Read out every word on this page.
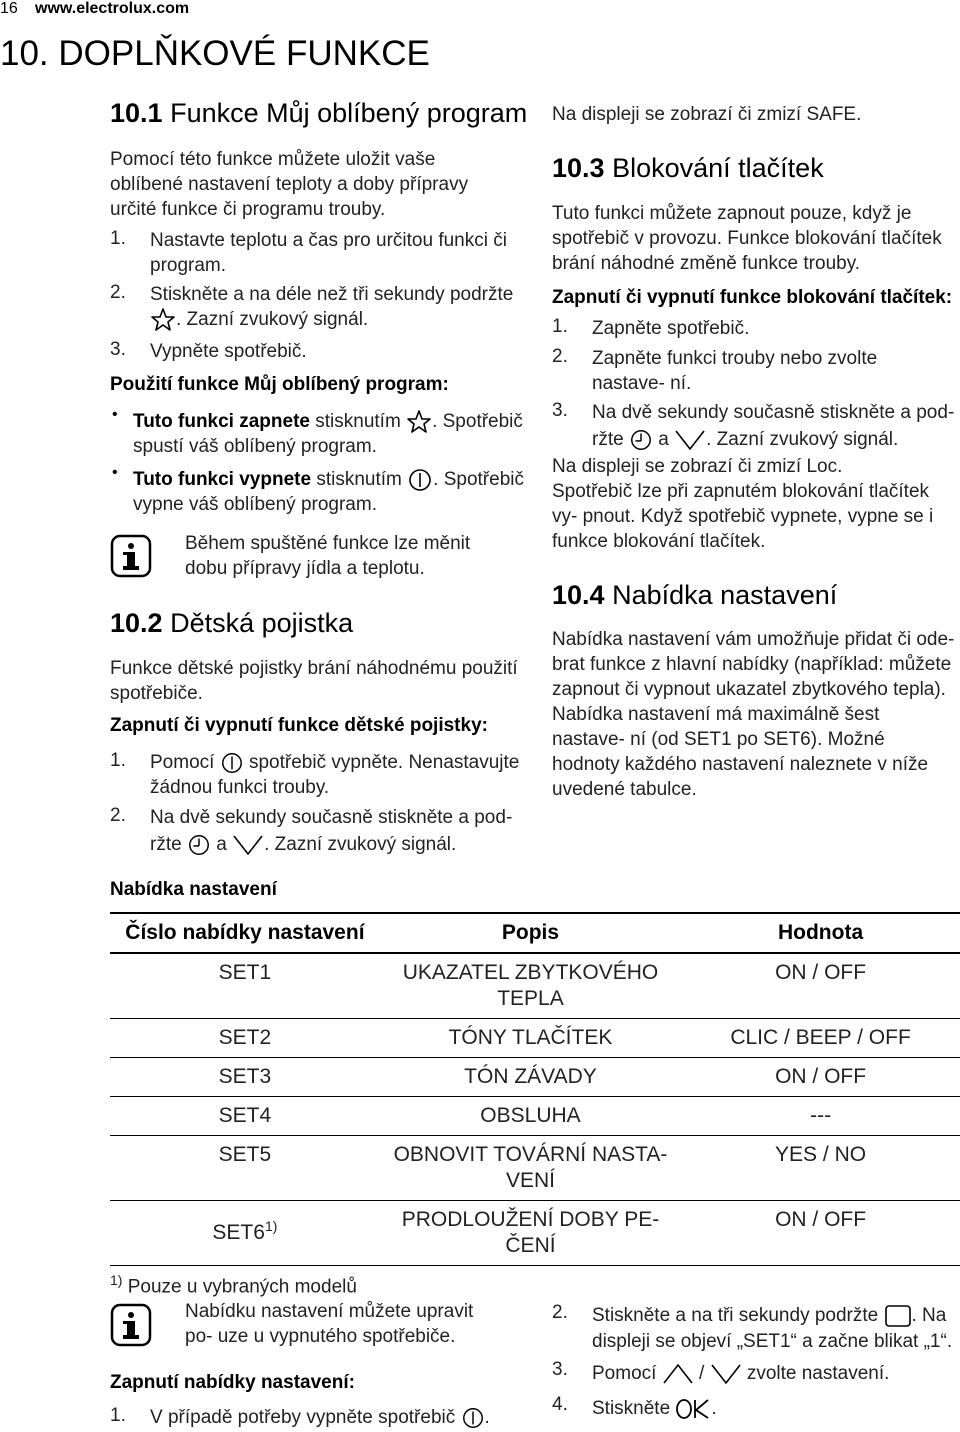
16 www.electrolux.com
10. DOPLŇKOVÉ FUNKCE
10.1 Funkce Můj oblíbený program
Pomocí této funkce můžete uložit vaše oblíbené nastavení teploty a doby přípravy určité funkce či programu trouby.
1. Nastavte teplotu a čas pro určitou funkci či program.
2. Stiskněte a na déle než tři sekundy podržte
. Zazní zvukový signál.
3. Vypněte spotřebič.
Použití funkce Můj oblíbený program:
• Tuto funkci zapnete stisknutím . Spotřebič
spustí váš oblíbený program.
• Tuto funkci vypnete stisknutím . Spotřebič
vypne váš oblíbený program.
Během spuštěné funkce lze měnit dobu přípravy jídla a teplotu.
10.2 Dětská pojistka
Funkce dětské pojistky brání náhodnému použití spotřebiče.
Zapnutí či vypnutí funkce dětské pojistky:
1. Pomocí spotřebič vypněte. Nenastavujte
žádnou funkci trouby.
2. Na dvě sekundy současně stiskněte a pod-
ržte a . Zazní zvukový signál.
Na displeji se zobrazí či zmizí SAFE.
10.3 Blokování tlačítek
Tuto funkci můžete zapnout pouze, když je spotřebič v provozu. Funkce blokování tlačítek brání náhodné změně funkce trouby.
Zapnutí či vypnutí funkce blokování tlačítek:
1. Zapněte spotřebič.
2. Zapněte funkci trouby nebo zvolte nastave- ní.
3. Na dvě sekundy současně stiskněte a pod-
ržte a . Zazní zvukový signál.
Na displeji se zobrazí či zmizí Loc.
Spotřebič lze při zapnutém blokování tlačítek vy- pnout. Když spotřebič vypnete, vypne se i funkce blokování tlačítek.
10.4 Nabídka nastavení
Nabídka nastavení vám umožňuje přidat či ode- brat funkce z hlavní nabídky (například: můžete zapnout či vypnout ukazatel zbytkového tepla). Nabídka nastavení má maximálně šest nastave- ní (od SET1 po SET6). Možné hodnoty každého nastavení naleznete v níže uvedené tabulce.
Nabídka nastavení
Číslo nabídky nastavení	Popis	Hodnota
SET1	UKAZATEL ZBYTKOVÉHO TEPLA	ON / OFF
SET2	TÓNY TLAČÍTEK	CLIC / BEEP / OFF
SET3	TÓN ZÁVADY	ON / OFF
SET4	OBSLUHA	---
SET5	OBNOVIT TOVÁRNÍ NASTA- VENÍ	YES / NO
SET6$^{1)}$	PRODLOUŽENÍ DOBY PE- ČENÍ	ON / OFF
$^{1)}$ Pouze u vybraných modelů
Nabídku nastavení můžete upravit po- uze u vypnutého spotřebiče.
Zapnutí nabídky nastavení:
1. V případě potřeby vypněte spotřebič .
2. Stiskněte a na tři sekundy podržte . Na
displeji se objeví „SET1“ a začne blikat „1“.
3. Pomocí / zvolte nastavení.
4. Stiskněte .
